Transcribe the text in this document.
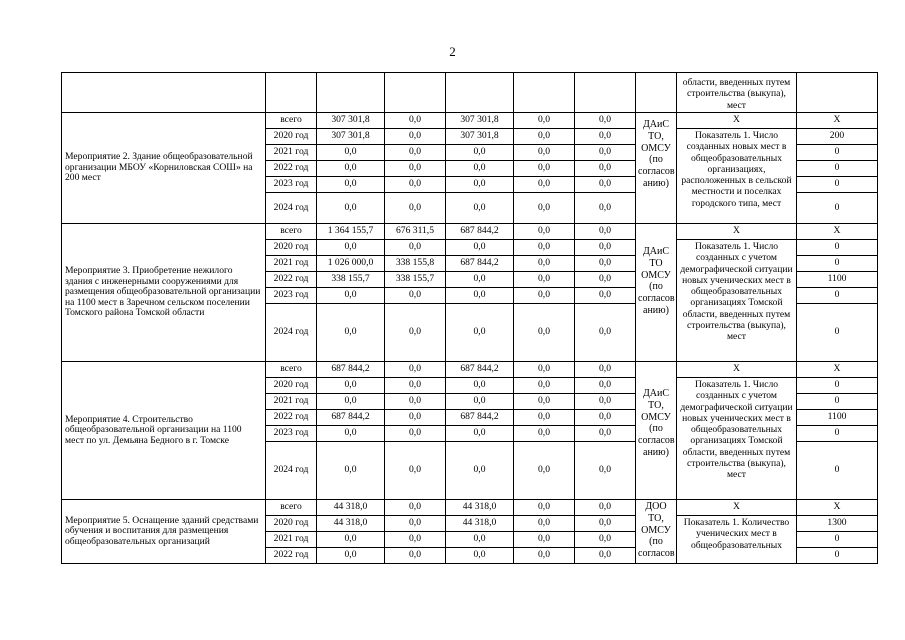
2
								области, введенных путем строительства (выкупа), мест	
Мероприятие 2. Здание общеобразовательной организации МБОУ «Корниловская СОШ» на 200 мест	всего	307 301,8	0,0	307 301,8	0,0	0,0	ДАиС ТО, ОМСУ (по согласов анию)	Х	Х
	2020 год	307 301,8	0,0	307 301,8	0,0	0,0		Показатель 1. Число созданных новых мест в общеобразовательных организациях, расположенных в сельской местности и поселках городского типа, мест	200
	2021 год	0,0	0,0	0,0	0,0	0,0			0
	2022 год	0,0	0,0	0,0	0,0	0,0			0
	2023 год	0,0	0,0	0,0	0,0	0,0			0
	2024 год	0,0	0,0	0,0	0,0	0,0			0
Мероприятие 3. Приобретение нежилого здания с инженерными сооружениями для размещения общеобразовательной организации на 1100 мест в Заречном сельском поселении Томского района Томской области	всего	1 364 155,7	676 311,5	687 844,2	0,0	0,0	ДАиС ТО ОМСУ (по согласов анию)	Х	Х
	2020 год	0,0	0,0	0,0	0,0	0,0		Показатель 1. Число созданных с учетом демографической ситуации новых ученических мест в общеобразовательных организациях Томской области, введенных путем строительства (выкупа), мест	0
	2021 год	1 026 000,0	338 155,8	687 844,2	0,0	0,0			0
	2022 год	338 155,7	338 155,7	0,0	0,0	0,0			1100
	2023 год	0,0	0,0	0,0	0,0	0,0			0
	2024 год	0,0	0,0	0,0	0,0	0,0			0
Мероприятие 4. Строительство общеобразовательной организации на 1100 мест по ул. Демьяна Бедного в г. Томске	всего	687 844,2	0,0	687 844,2	0,0	0,0	ДАиС ТО, ОМСУ (по согласов анию)	Х	Х
	2020 год	0,0	0,0	0,0	0,0	0,0		Показатель 1. Число созданных с учетом демографической ситуации новых ученических мест в общеобразовательных организациях Томской области, введенных путем строительства (выкупа), мест	0
	2021 год	0,0	0,0	0,0	0,0	0,0			0
	2022 год	687 844,2	0,0	687 844,2	0,0	0,0			1100
	2023 год	0,0	0,0	0,0	0,0	0,0			0
	2024 год	0,0	0,0	0,0	0,0	0,0			0
Мероприятие 5. Оснащение зданий средствами обучения и воспитания для размещения общеобразовательных организаций	всего	44 318,0	0,0	44 318,0	0,0	0,0	ДОО ТО, ОМСУ (по согласов	Х	Х
	2020 год	44 318,0	0,0	44 318,0	0,0	0,0		Показатель 1. Количество ученических мест в общеобразовательных	1300
	2021 год	0,0	0,0	0,0	0,0	0,0			0
	2022 год	0,0	0,0	0,0	0,0	0,0			0
